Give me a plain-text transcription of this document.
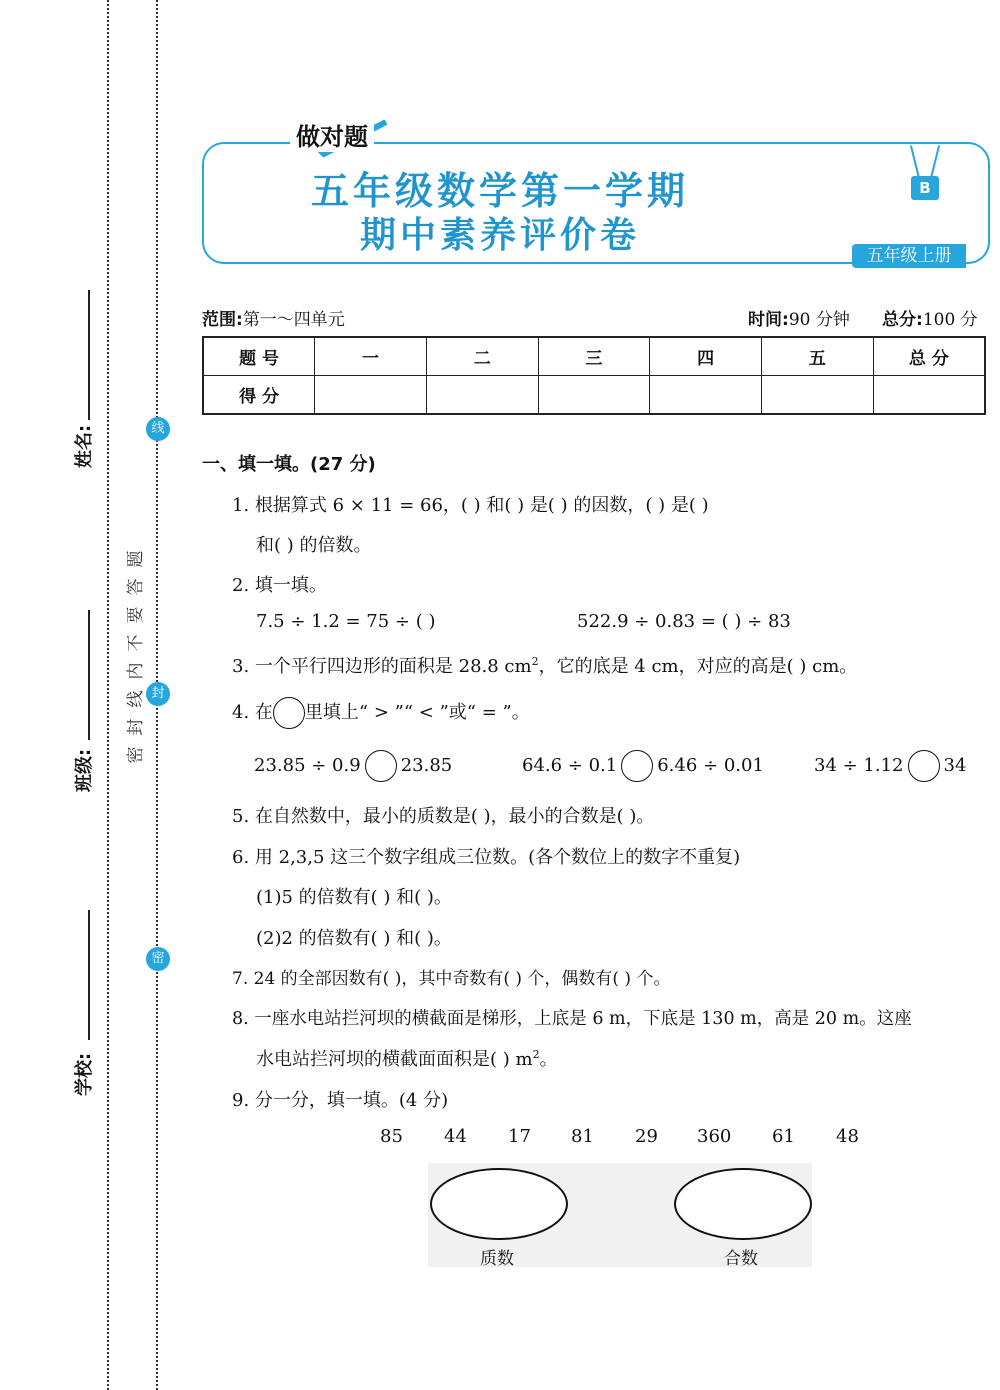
姓名:
班级:
学校:
题
答
要
不
内
线
封
密
线
封
密
做对题
五年级数学第一学期
期中素养评价卷
B
五年级上册
范围:第一～四单元	时间:90 分钟 总分:100 分
题 号	一	二	三	四	五	总 分
得 分						
一、填一填。(27 分)
1. 根据算式 6 × 11 = 66，( ) 和( ) 是( ) 的因数，( ) 是( )
和( ) 的倍数。
2. 填一填。
7.5 ÷ 1.2 = 75 ÷ ( )	522.9 ÷ 0.83 = ( ) ÷ 83
3. 一个平行四边形的面积是 28.8 $cm^2$，它的底是 4 cm，对应的高是( ) cm。
4. 在 里填上“ > ”“ < ”或“ = ”。
23.85 ÷ 0.9 23.85	64.6 ÷ 0.1 6.46 ÷ 0.01	34 ÷ 1.12 34
5. 在自然数中，最小的质数是( )，最小的合数是( )。
6. 用 2,3,5 这三个数字组成三位数。(各个数位上的数字不重复)
(1)5 的倍数有( ) 和( )。
(2)2 的倍数有( ) 和( )。
7. 24 的全部因数有( )，其中奇数有( ) 个，偶数有( ) 个。
8. 一座水电站拦河坝的横截面是梯形，上底是 6 m，下底是 130 m，高是 20 m。这座
水电站拦河坝的横截面面积是( ) $m^2$。
9. 分一分，填一填。(4 分)
85 44 17 81 29 360 61 48
质数	合数
